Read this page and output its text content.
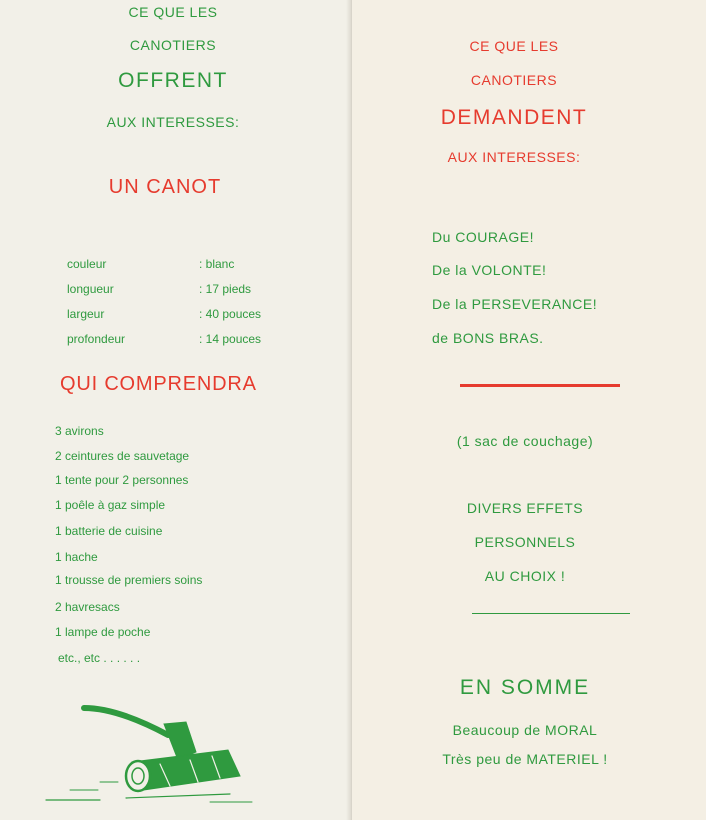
CE QUE LES
CANOTIERS
OFFRENT
AUX INTERESSES:
UN CANOT
couleur	: blanc
longueur	: 17 pieds
largeur	: 40 pouces
profondeur	: 14 pouces
QUI COMPRENDRA
3 avirons
2 ceintures de sauvetage
1 tente pour 2 personnes
1 poêle à gaz simple
1 batterie de cuisine
1 hache
1 trousse de premiers soins
2 havresacs
1 lampe de poche
etc., etc . . . . . .
CE QUE LES
CANOTIERS
DEMANDENT
AUX INTERESSES:
Du COURAGE!
De la VOLONTE!
De la PERSEVERANCE!
de BONS BRAS.
(1 sac de couchage)
DIVERS EFFETS
PERSONNELS
AU CHOIX !
EN SOMME
Beaucoup de MORAL
Très peu de MATERIEL !
